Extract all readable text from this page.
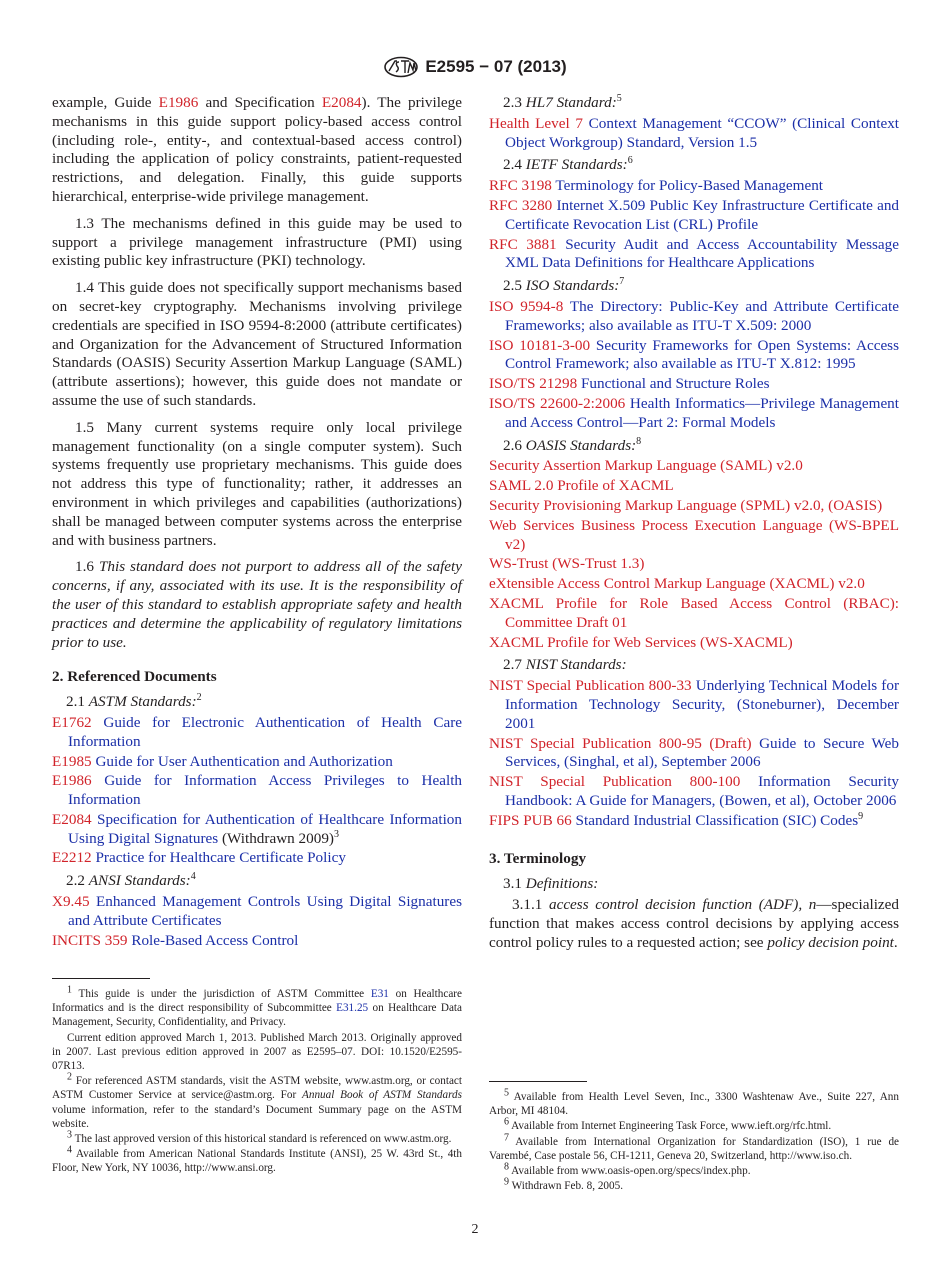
E2595 − 07 (2013)

example, Guide E1986 and Specification E2084). The privilege mechanisms in this guide support policy-based access control (including role-, entity-, and contextual-based access control) including the application of policy constraints, patient-requested restrictions, and delegation. Finally, this guide supports hierarchical, enterprise-wide privilege management.

1.3 The mechanisms defined in this guide may be used to support a privilege management infrastructure (PMI) using existing public key infrastructure (PKI) technology.

1.4 This guide does not specifically support mechanisms based on secret-key cryptography. Mechanisms involving privilege credentials are specified in ISO 9594-8:2000 (attribute certificates) and Organization for the Advancement of Structured Information Standards (OASIS) Security Assertion Markup Language (SAML) (attribute assertions); however, this guide does not mandate or assume the use of such standards.

1.5 Many current systems require only local privilege management functionality (on a single computer system). Such systems frequently use proprietary mechanisms. This guide does not address this type of functionality; rather, it addresses an environment in which privileges and capabilities (authorizations) shall be managed between computer systems across the enterprise and with business partners.

1.6 This standard does not purport to address all of the safety concerns, if any, associated with its use. It is the responsibility of the user of this standard to establish appropriate safety and health practices and determine the applicability of regulatory limitations prior to use.

2. Referenced Documents
2.1 ASTM Standards:$^2$
E1762 Guide for Electronic Authentication of Health Care Information
E1985 Guide for User Authentication and Authorization
E1986 Guide for Information Access Privileges to Health Information
E2084 Specification for Authentication of Healthcare Information Using Digital Signatures (Withdrawn 2009)$^3$
E2212 Practice for Healthcare Certificate Policy
2.2 ANSI Standards:$^4$
X9.45 Enhanced Management Controls Using Digital Signatures and Attribute Certificates
INCITS 359 Role-Based Access Control
2.3 HL7 Standard:$^5$
Health Level 7 Context Management “CCOW” (Clinical Context Object Workgroup) Standard, Version 1.5
2.4 IETF Standards:$^6$
RFC 3198 Terminology for Policy-Based Management
RFC 3280 Internet X.509 Public Key Infrastructure Certificate and Certificate Revocation List (CRL) Profile
RFC 3881 Security Audit and Access Accountability Message XML Data Definitions for Healthcare Applications
2.5 ISO Standards:$^7$
ISO 9594-8 The Directory: Public-Key and Attribute Certificate Frameworks; also available as ITU-T X.509: 2000
ISO 10181-3-00 Security Frameworks for Open Systems: Access Control Framework; also available as ITU-T X.812: 1995
ISO/TS 21298 Functional and Structure Roles
ISO/TS 22600-2:2006 Health Informatics—Privilege Management and Access Control—Part 2: Formal Models
2.6 OASIS Standards:$^8$
Security Assertion Markup Language (SAML) v2.0
SAML 2.0 Profile of XACML
Security Provisioning Markup Language (SPML) v2.0, (OASIS)
Web Services Business Process Execution Language (WS-BPEL v2)
WS-Trust (WS-Trust 1.3)
eXtensible Access Control Markup Language (XACML) v2.0
XACML Profile for Role Based Access Control (RBAC): Committee Draft 01
XACML Profile for Web Services (WS-XACML)
2.7 NIST Standards:
NIST Special Publication 800-33 Underlying Technical Models for Information Technology Security, (Stoneburner), December 2001
NIST Special Publication 800-95 (Draft) Guide to Secure Web Services, (Singhal, et al), September 2006
NIST Special Publication 800-100 Information Security Handbook: A Guide for Managers, (Bowen, et al), October 2006
FIPS PUB 66 Standard Industrial Classification (SIC) Codes$^9$
3. Terminology
3.1 Definitions:

3.1.1 access control decision function (ADF), n—specialized function that makes access control decisions by applying access control policy rules to a requested action; see policy decision point.

$^1$ This guide is under the jurisdiction of ASTM Committee E31 on Healthcare Informatics and is the direct responsibility of Subcommittee E31.25 on Healthcare Data Management, Security, Confidentiality, and Privacy.

Current edition approved March 1, 2013. Published March 2013. Originally approved in 2007. Last previous edition approved in 2007 as E2595–07. DOI: 10.1520/E2595-07R13.

$^2$ For referenced ASTM standards, visit the ASTM website, www.astm.org, or contact ASTM Customer Service at service@astm.org. For Annual Book of ASTM Standards volume information, refer to the standard’s Document Summary page on the ASTM website.

$^3$ The last approved version of this historical standard is referenced on www.astm.org.

$^4$ Available from American National Standards Institute (ANSI), 25 W. 43rd St., 4th Floor, New York, NY 10036, http://www.ansi.org.

$^5$ Available from Health Level Seven, Inc., 3300 Washtenaw Ave., Suite 227, Ann Arbor, MI 48104.

$^6$ Available from Internet Engineering Task Force, www.ieft.org/rfc.html.

$^7$ Available from International Organization for Standardization (ISO), 1 rue de Varembé, Case postale 56, CH-1211, Geneva 20, Switzerland, http://www.iso.ch.

$^8$ Available from www.oasis-open.org/specs/index.php.

$^9$ Withdrawn Feb. 8, 2005.

2
